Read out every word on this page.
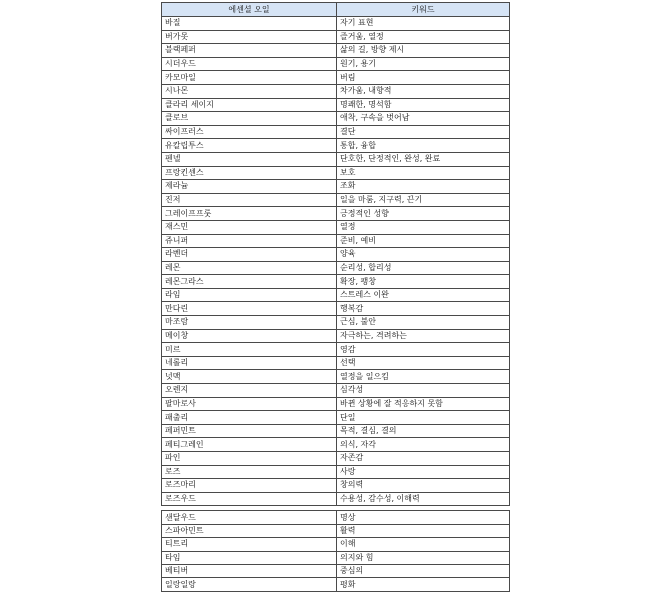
에센셜 오일	키워드
바질	자기 표현
버가못	즐거움, 열정
블랙페퍼	삶의 길, 방향 제시
시더우드	원기, 용기
카모마일	버림
시나몬	차가움, 내향적
클라리 세이지	명쾌한, 명석함
클로브	애착, 구속을 벗어남
싸이프러스	결단
유칼립투스	통합, 융합
펜넬	단호한, 단정적인, 완성, 완료
프랑킨센스	보호
제라늄	조화
진저	일을 마룸, 지구력, 끈기
그레이프프룻	긍정적인 성향
재스민	열정
쥬니퍼	준비, 예비
라벤더	양육
레몬	순리성, 합리성
레몬그라스	확장, 팽창
라임	스트레스 이완
만다린	행복감
마조람	근심, 불안
메이창	자극하는, 격려하는
미르	영감
네롤리	선택
넛맥	열정을 일으킴
오렌지	심각성
팔마로사	바뀐 상황에 잘 적응하지 못함
패출리	단일
페퍼민트	목적, 결심, 결의
페티그레인	의식, 자각
파인	자존감
로즈	사랑
로즈마리	창의력
로즈우드	수용성, 감수성, 이해력
샌달우드	명상
스파아민트	활력
티트리	이해
타임	의지와 힘
베티버	중심의
일랑일랑	평화
